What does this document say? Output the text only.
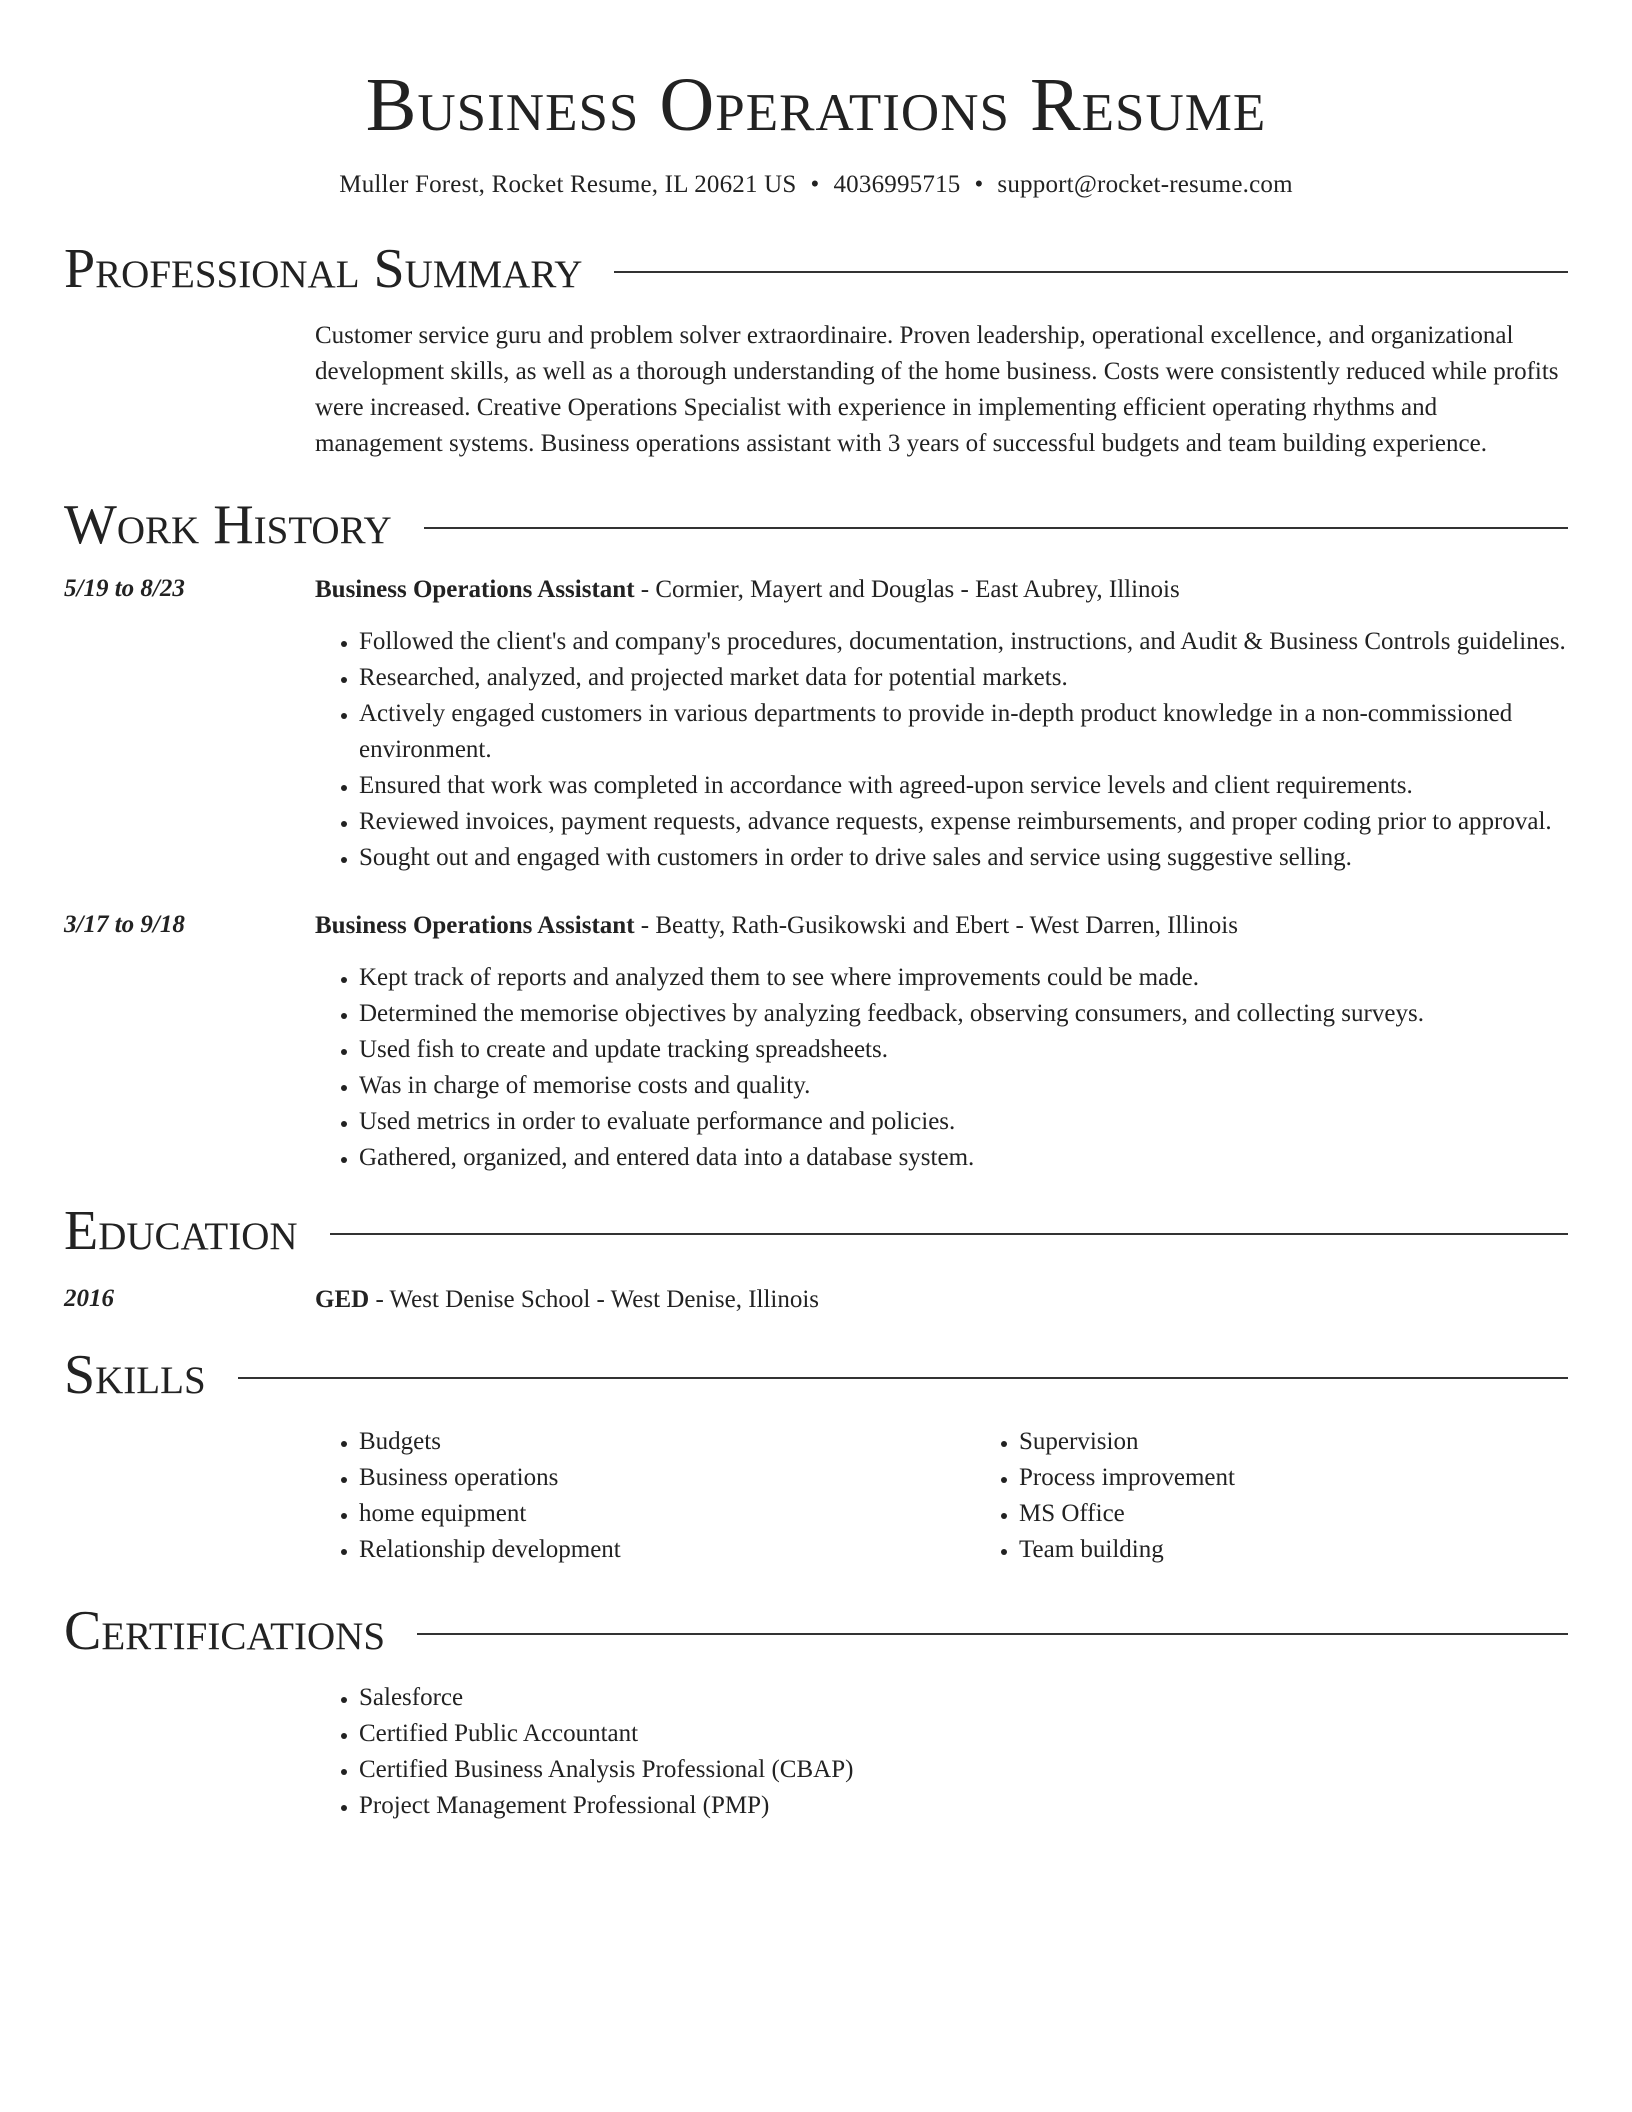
Business Operations Resume
Muller Forest, Rocket Resume, IL 20621 US • 4036995715 • support@rocket-resume.com
Professional Summary
Customer service guru and problem solver extraordinaire. Proven leadership, operational excellence, and organizational development skills, as well as a thorough understanding of the home business. Costs were consistently reduced while profits were increased. Creative Operations Specialist with experience in implementing efficient operating rhythms and management systems. Business operations assistant with 3 years of successful budgets and team building experience.
Work History
5/19 to 8/23	Business Operations Assistant - Cormier, Mayert and Douglas - East Aubrey, Illinois
• Followed the client's and company's procedures, documentation, instructions, and Audit & Business Controls guidelines.
• Researched, analyzed, and projected market data for potential markets.
• Actively engaged customers in various departments to provide in-depth product knowledge in a non-commissioned environment.
• Ensured that work was completed in accordance with agreed-upon service levels and client requirements.
• Reviewed invoices, payment requests, advance requests, expense reimbursements, and proper coding prior to approval.
• Sought out and engaged with customers in order to drive sales and service using suggestive selling.
3/17 to 9/18	Business Operations Assistant - Beatty, Rath-Gusikowski and Ebert - West Darren, Illinois
• Kept track of reports and analyzed them to see where improvements could be made.
• Determined the memorise objectives by analyzing feedback, observing consumers, and collecting surveys.
• Used fish to create and update tracking spreadsheets.
• Was in charge of memorise costs and quality.
• Used metrics in order to evaluate performance and policies.
• Gathered, organized, and entered data into a database system.
Education
2016	GED - West Denise School - West Denise, Illinois
Skills
• Budgets
• Business operations
• home equipment
• Relationship development
• Supervision
• Process improvement
• MS Office
• Team building
Certifications
• Salesforce
• Certified Public Accountant
• Certified Business Analysis Professional (CBAP)
• Project Management Professional (PMP)
